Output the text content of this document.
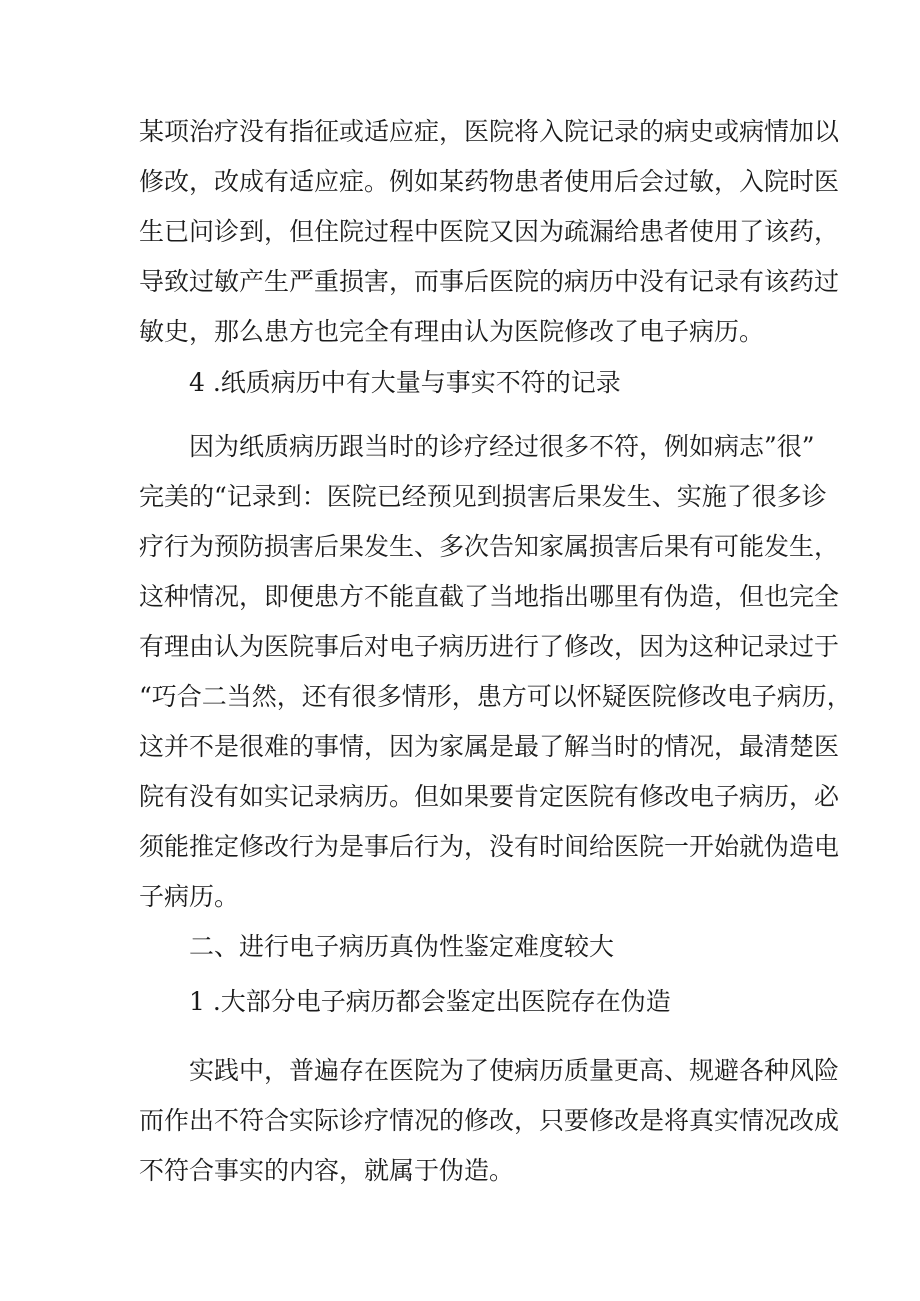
某项治疗没有指征或适应症，医院将入院记录的病史或病情加以
修改，改成有适应症。例如某药物患者使用后会过敏，入院时医
生已问诊到，但住院过程中医院又因为疏漏给患者使用了该药，
导致过敏产生严重损害，而事后医院的病历中没有记录有该药过
敏史，那么患方也完全有理由认为医院修改了电子病历。
4 .纸质病历中有大量与事实不符的记录
因为纸质病历跟当时的诊疗经过很多不符，例如病志”很”
完美的“记录到：医院已经预见到损害后果发生、实施了很多诊
疗行为预防损害后果发生、多次告知家属损害后果有可能发生，
这种情况，即便患方不能直截了当地指出哪里有伪造，但也完全
有理由认为医院事后对电子病历进行了修改，因为这种记录过于
“巧合二当然，还有很多情形，患方可以怀疑医院修改电子病历，
这并不是很难的事情，因为家属是最了解当时的情况，最清楚医
院有没有如实记录病历。但如果要肯定医院有修改电子病历，必
须能推定修改行为是事后行为，没有时间给医院一开始就伪造电
子病历。
二、进行电子病历真伪性鉴定难度较大
1 .大部分电子病历都会鉴定出医院存在伪造
实践中，普遍存在医院为了使病历质量更高、规避各种风险
而作出不符合实际诊疗情况的修改，只要修改是将真实情况改成
不符合事实的内容，就属于伪造。
